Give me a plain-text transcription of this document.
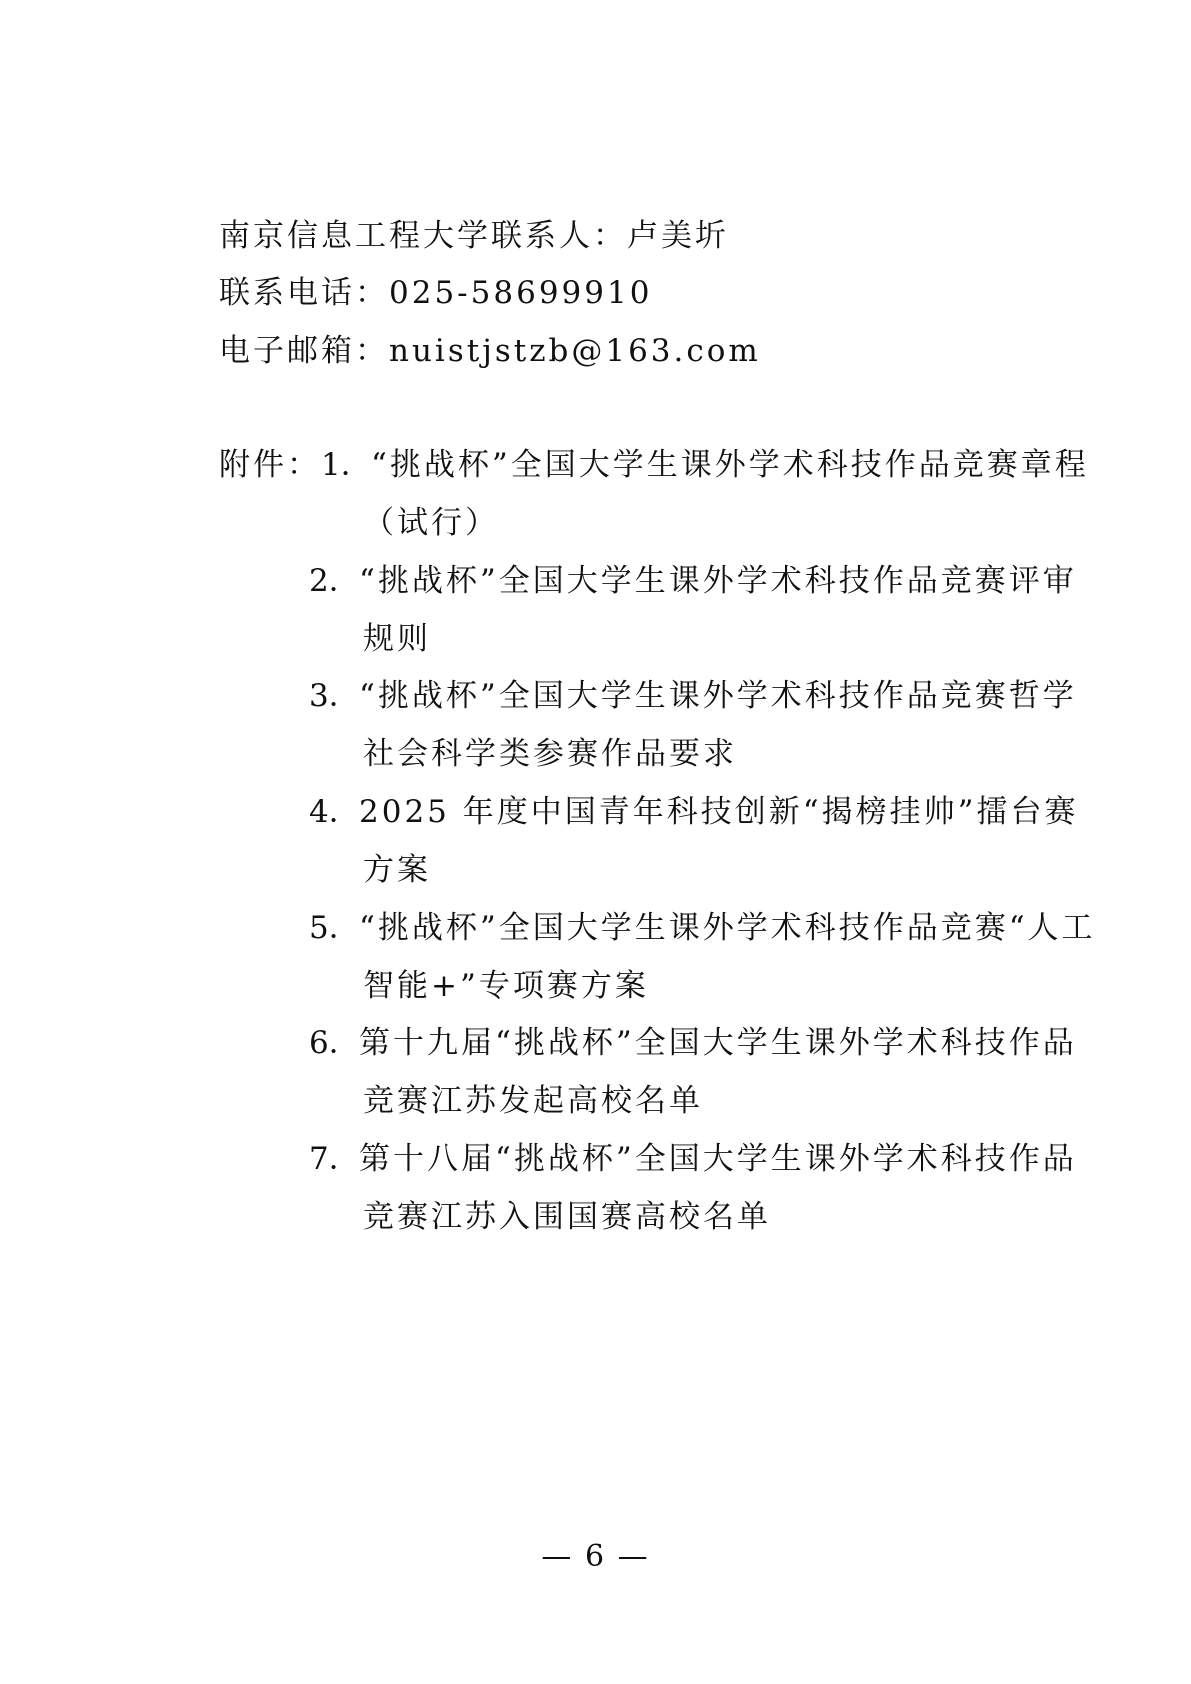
南京信息工程大学联系人：卢美圻
联系电话：025-58699910
电子邮箱：nuistjstzb@163.com
附件：1．“挑战杯”全国大学生课外学术科技作品竞赛章程
（试行）
2．“挑战杯”全国大学生课外学术科技作品竞赛评审
规则
3．“挑战杯”全国大学生课外学术科技作品竞赛哲学
社会科学类参赛作品要求
4．2025 年度中国青年科技创新“揭榜挂帅”擂台赛
方案
5．“挑战杯”全国大学生课外学术科技作品竞赛“人工
智能+”专项赛方案
6．第十九届“挑战杯”全国大学生课外学术科技作品
竞赛江苏发起高校名单
7．第十八届“挑战杯”全国大学生课外学术科技作品
竞赛江苏入围国赛高校名单
— 6 —
